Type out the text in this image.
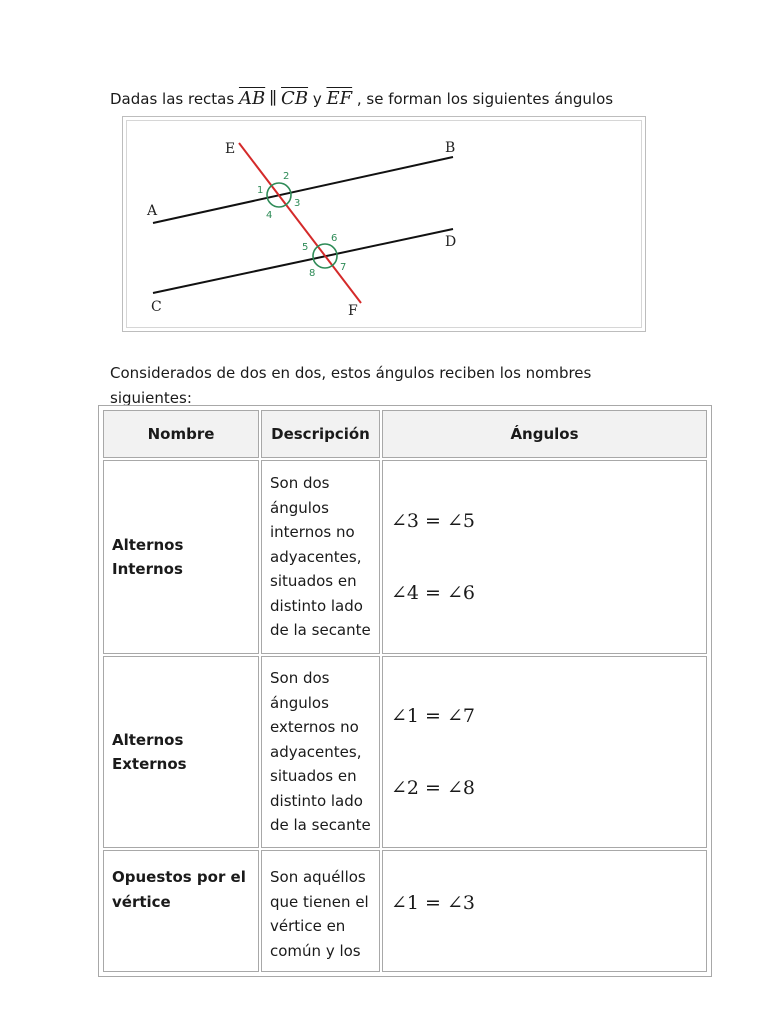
Dadas las rectas $\overline{AB}$ ∥ $\overline{CB}$ y $\overline{EF}$ , se forman los siguientes ángulos
A
B
C
D
E
F
1
2
3
4
5
6
7
8
Considerados de dos en dos, estos ángulos reciben los nombres siguientes:
Nombre	Descripción	Ángulos
Alternos Internos	Son dos ángulos internos no adyacentes, situados en distinto lado de la secante	∠3 = ∠5
∠4 = ∠6

Alternos Externos	Son dos ángulos externos no adyacentes, situados en distinto lado de la secante	∠1 = ∠7
∠2 = ∠8

Opuestos por el vértice	Son aquéllos que tienen el vértice en común y los	∠1 = ∠3
